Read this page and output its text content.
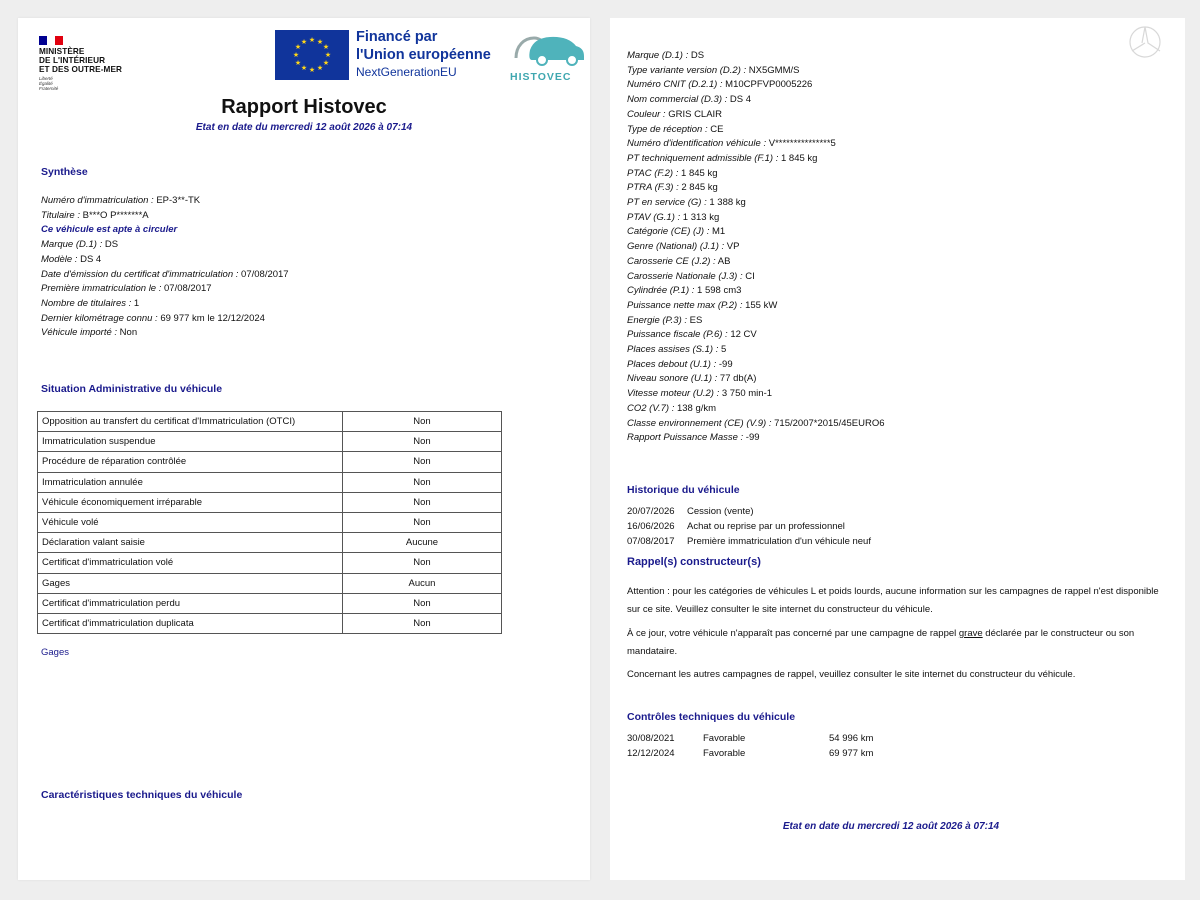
MINISTÈRE
DE L'INTÉRIEUR
ET DES OUTRE-MER
Liberté
Égalité
Fraternité
★ ★
★
★
★
★
★
★
★
★
★
★	Financé par
l'Union européenne
NextGenerationEU	HISTOVEC
Rapport Histovec
Etat en date du mercredi 12 août 2026 à 07:14
Synthèse
Numéro d'immatriculation : EP-3**-TK
Titulaire : B***O P*******A
Ce véhicule est apte à circuler
Marque (D.1) : DS
Modèle : DS 4
Date d'émission du certificat d'immatriculation : 07/08/2017
Première immatriculation le : 07/08/2017
Nombre de titulaires : 1
Dernier kilométrage connu : 69 977 km le 12/12/2024
Véhicule importé : Non
Situation Administrative du véhicule
Opposition au transfert du certificat d'Immatriculation (OTCI)	Non
Immatriculation suspendue	Non
Procédure de réparation contrôlée	Non
Immatriculation annulée	Non
Véhicule économiquement irréparable	Non
Véhicule volé	Non
Déclaration valant saisie	Aucune
Certificat d'immatriculation volé	Non
Gages	Aucun
Certificat d'immatriculation perdu	Non
Certificat d'immatriculation duplicata	Non
Gages
Caractéristiques techniques du véhicule
Marque (D.1) : DS
Type variante version (D.2) : NX5GMM/S
Numéro CNIT (D.2.1) : M10CPFVP0005226
Nom commercial (D.3) : DS 4
Couleur : GRIS CLAIR
Type de réception : CE
Numéro d'identification véhicule : V***************5
PT techniquement admissible (F.1) : 1 845 kg
PTAC (F.2) : 1 845 kg
PTRA (F.3) : 2 845 kg
PT en service (G) : 1 388 kg
PTAV (G.1) : 1 313 kg
Catégorie (CE) (J) : M1
Genre (National) (J.1) : VP
Carosserie CE (J.2) : AB
Carosserie Nationale (J.3) : CI
Cylindrée (P.1) : 1 598 cm3
Puissance nette max (P.2) : 155 kW
Energie (P.3) : ES
Puissance fiscale (P.6) : 12 CV
Places assises (S.1) : 5
Places debout (U.1) : -99
Niveau sonore (U.1) : 77 db(A)
Vitesse moteur (U.2) : 3 750 min-1
CO2 (V.7) : 138 g/km
Classe environnement (CE) (V.9) : 715/2007*2015/45EURO6
Rapport Puissance Masse : -99
Historique du véhicule
20/07/2026	Cession (vente)
16/06/2026	Achat ou reprise par un professionnel
07/08/2017	Première immatriculation d'un véhicule neuf
Rappel(s) constructeur(s)
Attention : pour les catégories de véhicules L et poids lourds, aucune information sur les campagnes de rappel n'est disponible sur ce site. Veuillez consulter le site internet du constructeur du véhicule.
À ce jour, votre véhicule n'apparaît pas concerné par une campagne de rappel grave déclarée par le constructeur ou son mandataire.
Concernant les autres campagnes de rappel, veuillez consulter le site internet du constructeur du véhicule.
Contrôles techniques du véhicule
30/08/2021	Favorable	54 996 km
12/12/2024	Favorable	69 977 km
Etat en date du mercredi 12 août 2026 à 07:14
